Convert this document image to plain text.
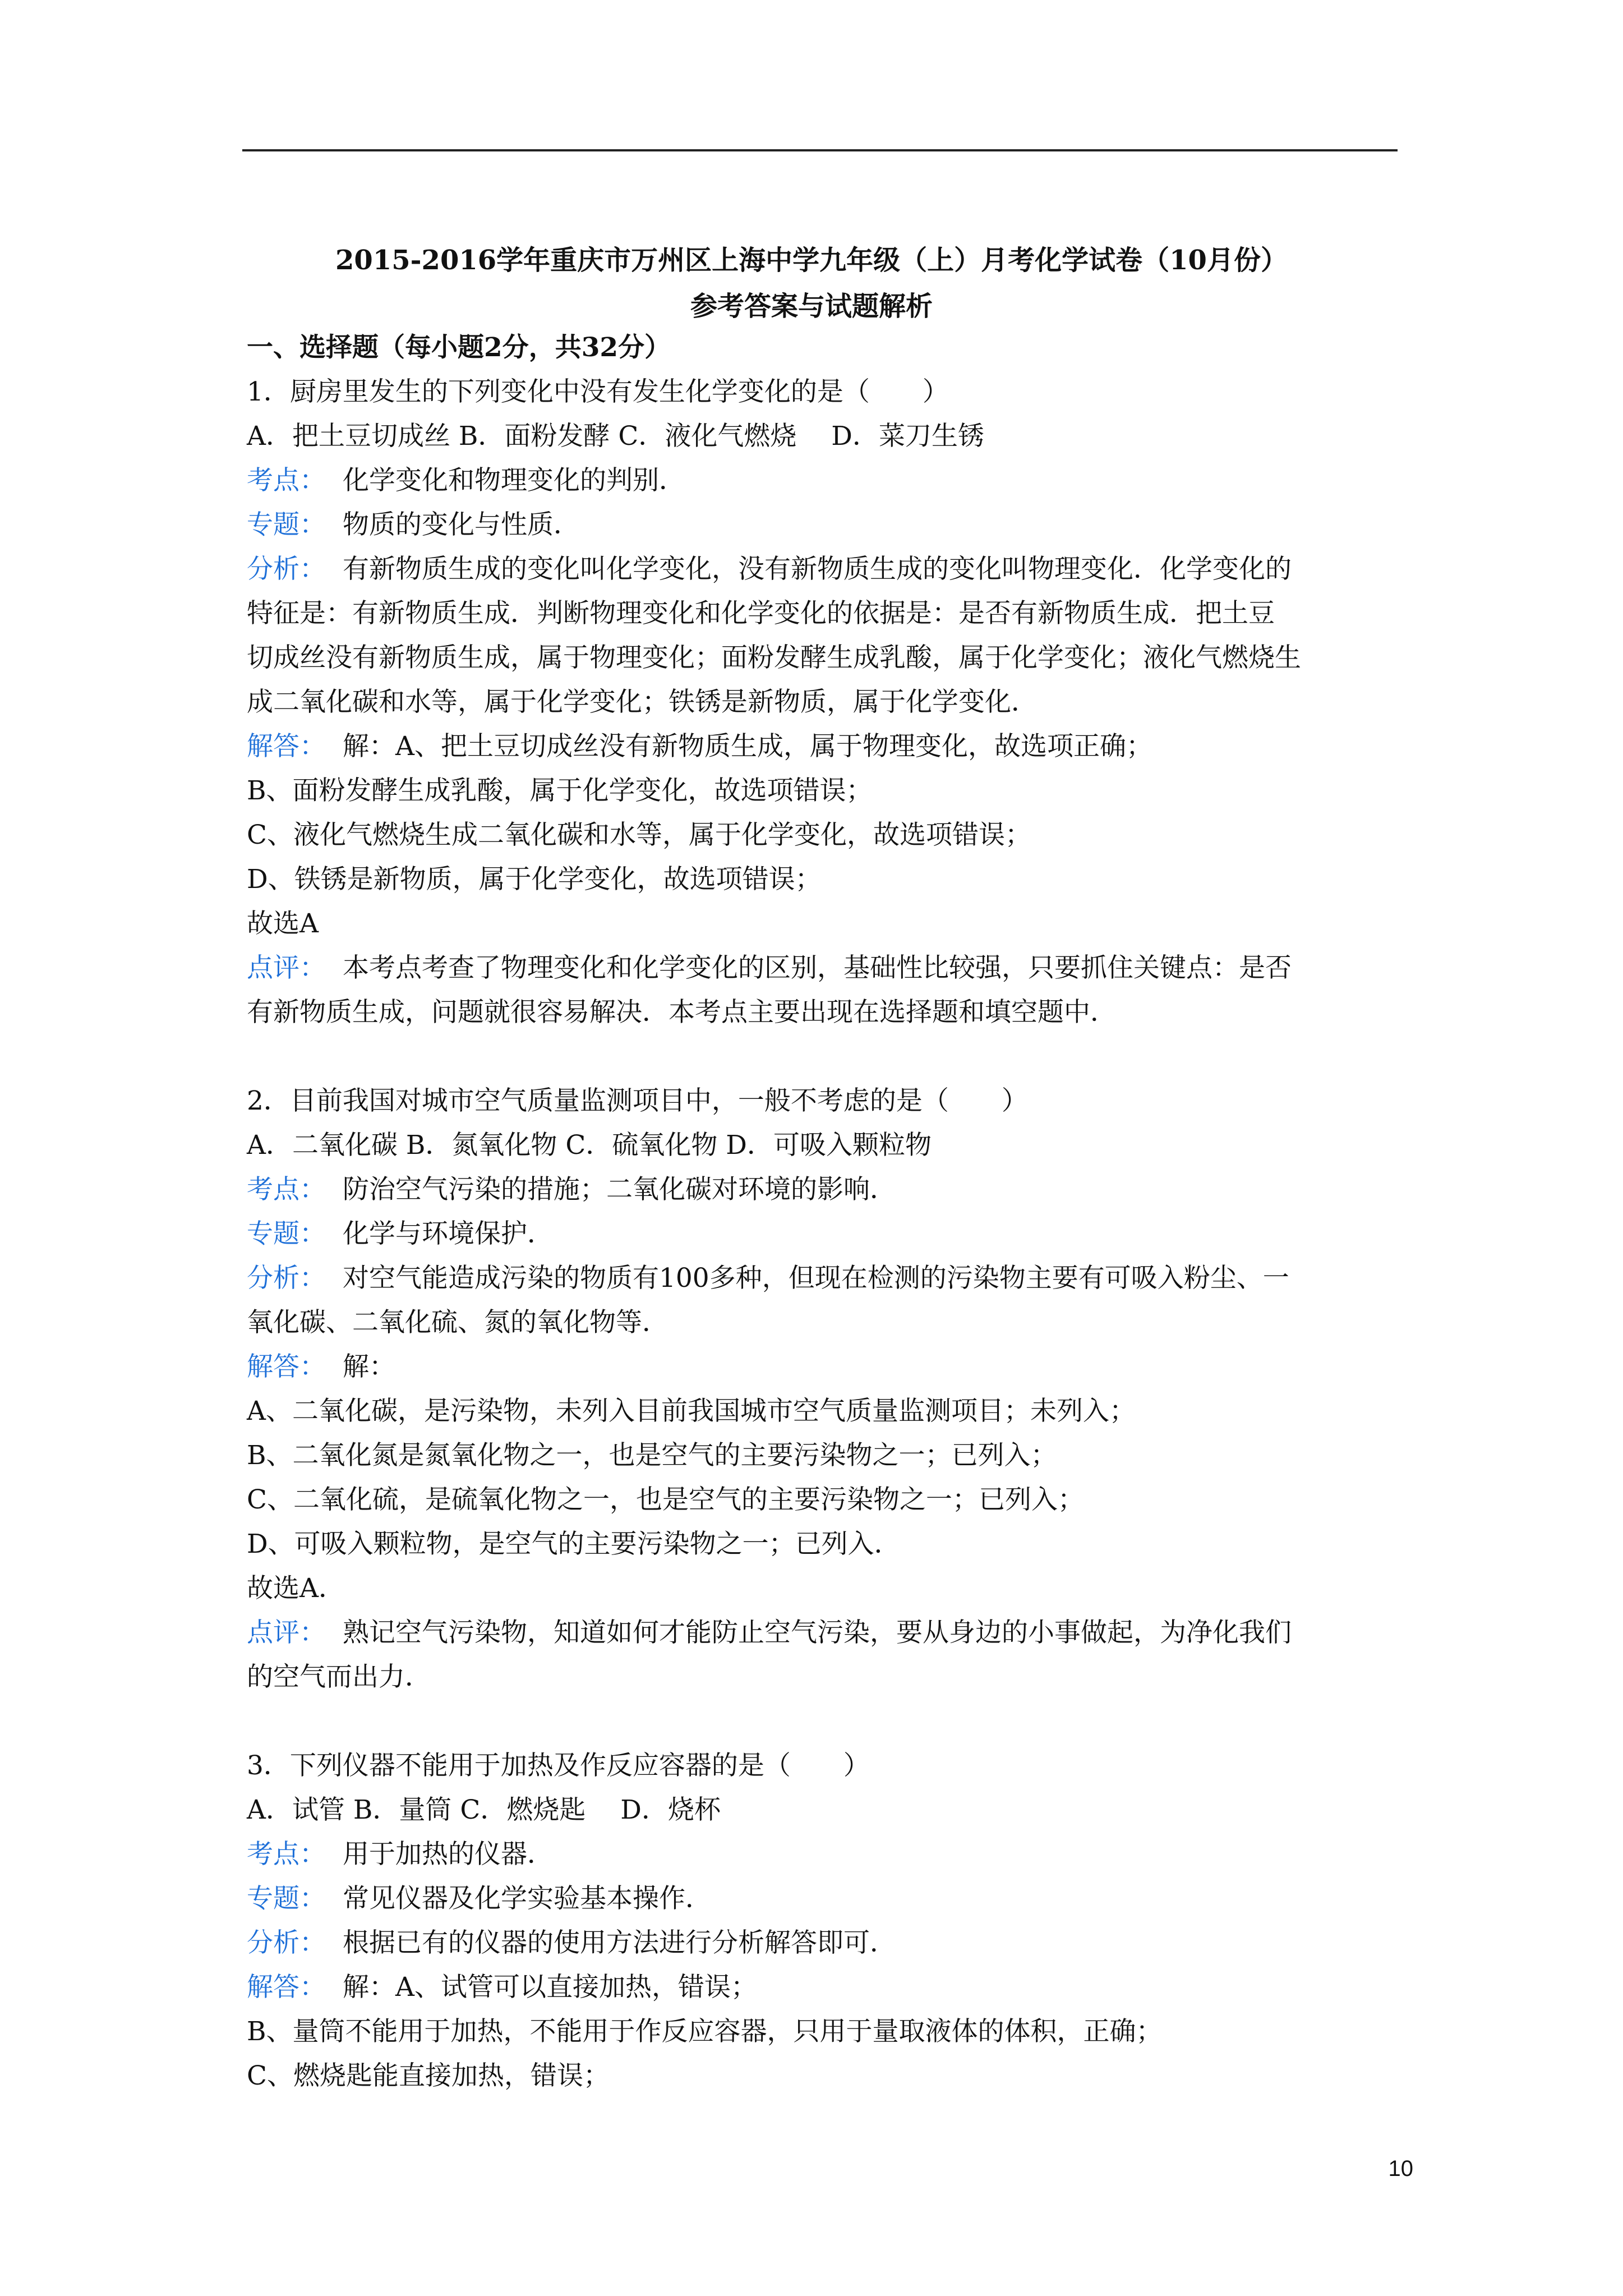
2015-2016学年重庆市万州区上海中学九年级（上）月考化学试卷（10月份）
参考答案与试题解析
一、选择题（每小题2分，共32分）
1．厨房里发生的下列变化中没有发生化学变化的是（　　）
A．把土豆切成丝 B．面粉发酵 C．液化气燃烧　 D．菜刀生锈
考点： 化学变化和物理变化的判别．
专题： 物质的变化与性质．
分析： 有新物质生成的变化叫化学变化，没有新物质生成的变化叫物理变化．化学变化的
特征是：有新物质生成．判断物理变化和化学变化的依据是：是否有新物质生成．把土豆
切成丝没有新物质生成，属于物理变化；面粉发酵生成乳酸，属于化学变化；液化气燃烧生
成二氧化碳和水等，属于化学变化；铁锈是新物质，属于化学变化．
解答： 解：A、把土豆切成丝没有新物质生成，属于物理变化，故选项正确；
B、面粉发酵生成乳酸，属于化学变化，故选项错误；
C、液化气燃烧生成二氧化碳和水等，属于化学变化，故选项错误；
D、铁锈是新物质，属于化学变化，故选项错误；
故选A
点评： 本考点考查了物理变化和化学变化的区别，基础性比较强，只要抓住关键点：是否
有新物质生成，问题就很容易解决．本考点主要出现在选择题和填空题中．
2．目前我国对城市空气质量监测项目中，一般不考虑的是（　　）
A．二氧化碳 B．氮氧化物 C．硫氧化物 D．可吸入颗粒物
考点： 防治空气污染的措施；二氧化碳对环境的影响．
专题： 化学与环境保护．
分析： 对空气能造成污染的物质有100多种，但现在检测的污染物主要有可吸入粉尘、一
氧化碳、二氧化硫、氮的氧化物等．
解答： 解：
A、二氧化碳，是污染物，未列入目前我国城市空气质量监测项目；未列入；
B、二氧化氮是氮氧化物之一，也是空气的主要污染物之一；已列入；
C、二氧化硫，是硫氧化物之一，也是空气的主要污染物之一；已列入；
D、可吸入颗粒物，是空气的主要污染物之一；已列入．
故选A．
点评： 熟记空气污染物，知道如何才能防止空气污染，要从身边的小事做起，为净化我们
的空气而出力．
3．下列仪器不能用于加热及作反应容器的是（　　）
A．试管 B．量筒 C．燃烧匙　 D．烧杯
考点： 用于加热的仪器．
专题： 常见仪器及化学实验基本操作．
分析： 根据已有的仪器的使用方法进行分析解答即可．
解答： 解：A、试管可以直接加热，错误；
B、量筒不能用于加热，不能用于作反应容器，只用于量取液体的体积，正确；
C、燃烧匙能直接加热，错误；
10
